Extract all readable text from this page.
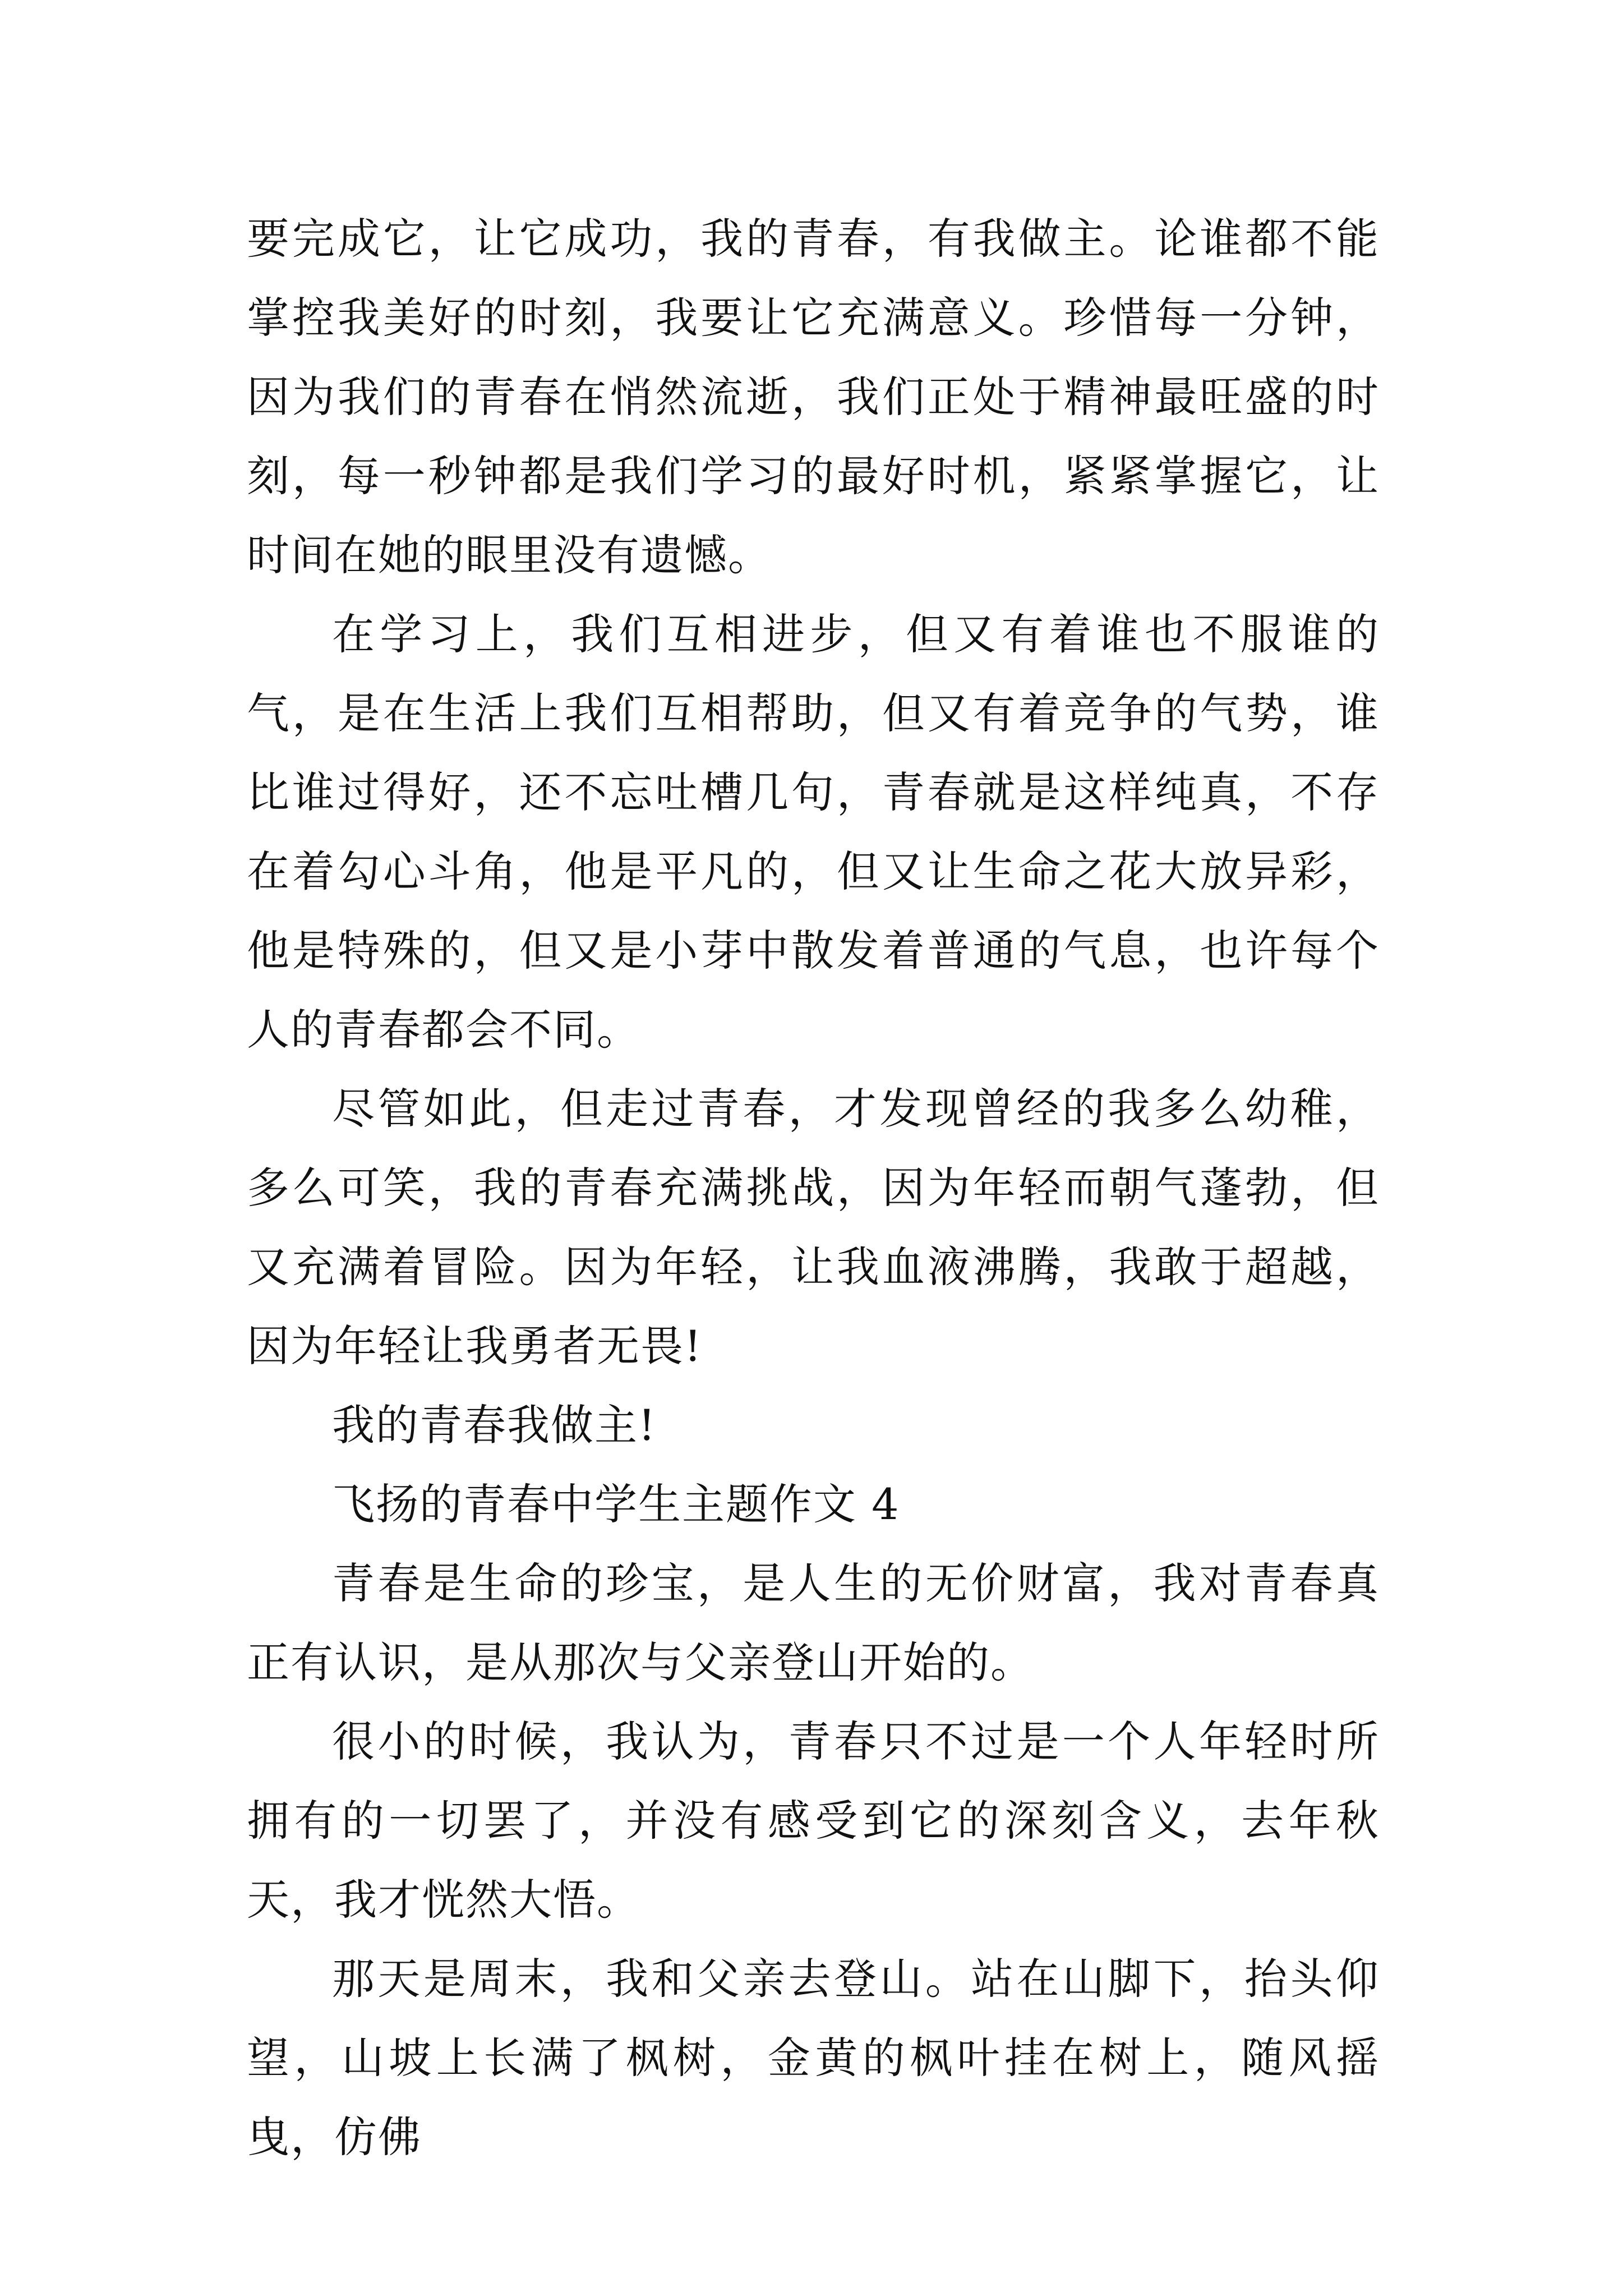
要完成它，让它成功，我的青春，有我做主。论谁都不能掌控我美好的时刻，我要让它充满意义。珍惜每一分钟，因为我们的青春在悄然流逝，我们正处于精神最旺盛的时刻，每一秒钟都是我们学习的最好时机，紧紧掌握它，让时间在她的眼里没有遗憾。

在学习上，我们互相进步，但又有着谁也不服谁的气，是在生活上我们互相帮助，但又有着竞争的气势，谁比谁过得好，还不忘吐槽几句，青春就是这样纯真，不存在着勾心斗角，他是平凡的，但又让生命之花大放异彩，他是特殊的，但又是小芽中散发着普通的气息，也许每个人的青春都会不同。

尽管如此，但走过青春，才发现曾经的我多么幼稚，多么可笑，我的青春充满挑战，因为年轻而朝气蓬勃，但又充满着冒险。因为年轻，让我血液沸腾，我敢于超越，因为年轻让我勇者无畏!

我的青春我做主!

飞扬的青春中学生主题作文 4

青春是生命的珍宝，是人生的无价财富，我对青春真正有认识，是从那次与父亲登山开始的。

很小的时候，我认为，青春只不过是一个人年轻时所拥有的一切罢了，并没有感受到它的深刻含义，去年秋天，我才恍然大悟。

那天是周末，我和父亲去登山。站在山脚下，抬头仰望，山坡上长满了枫树，金黄的枫叶挂在树上，随风摇曳，仿佛
